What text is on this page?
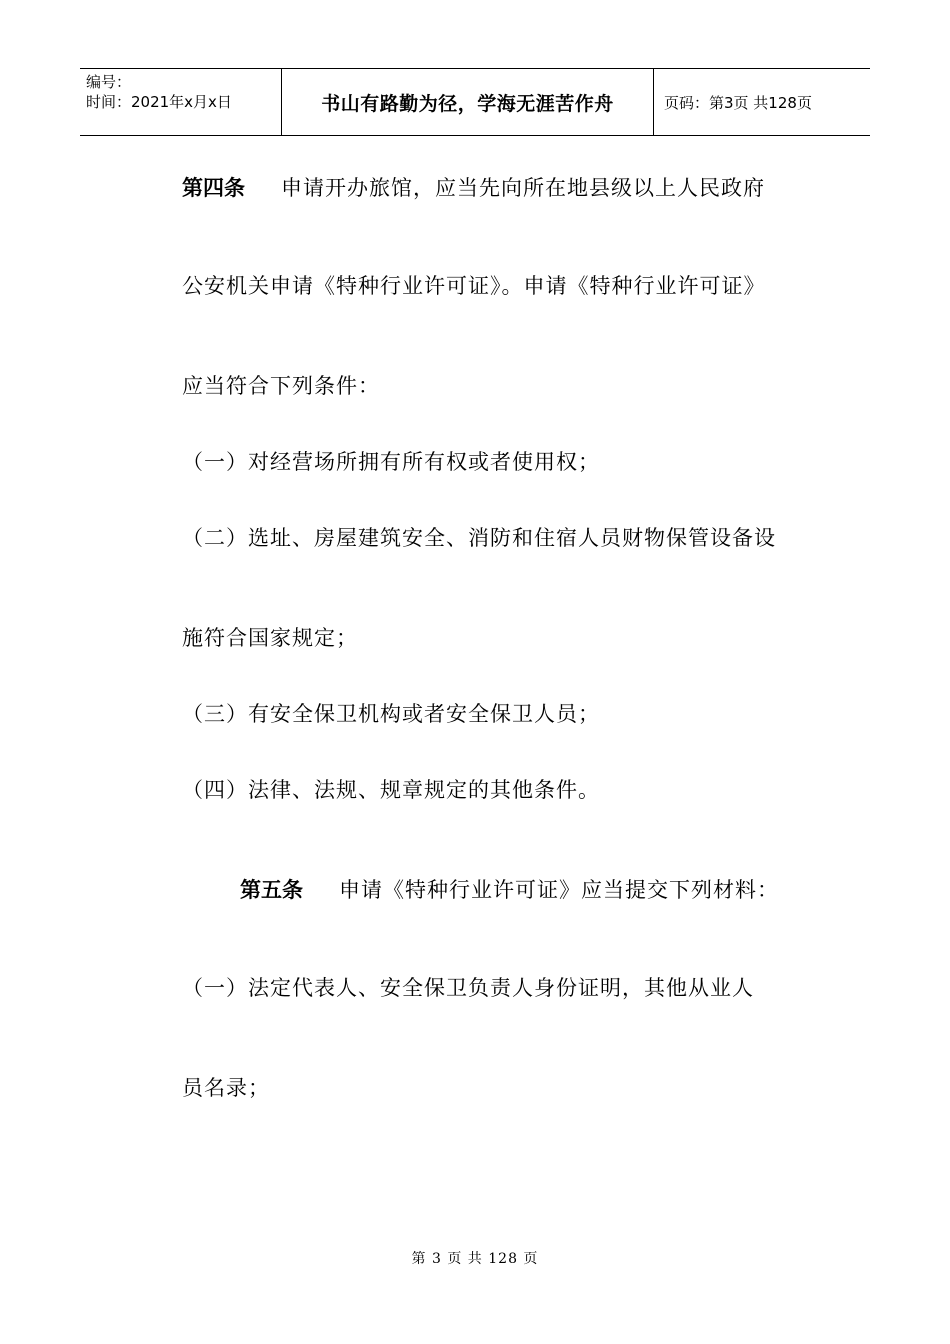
编号：
时间：2021年x月x日	书山有路勤为径，学海无涯苦作舟	页码：第3页 共128页
第四条 申请开办旅馆，应当先向所在地县级以上人民政府
公安机关申请《特种行业许可证》。申请《特种行业许可证》
应当符合下列条件：
（一）对经营场所拥有所有权或者使用权；
（二）选址、房屋建筑安全、消防和住宿人员财物保管设备设
施符合国家规定；
（三）有安全保卫机构或者安全保卫人员；
（四）法律、法规、规章规定的其他条件。
第五条 申请《特种行业许可证》应当提交下列材料：
（一）法定代表人、安全保卫负责人身份证明，其他从业人
员名录；
第 3 页 共 128 页
